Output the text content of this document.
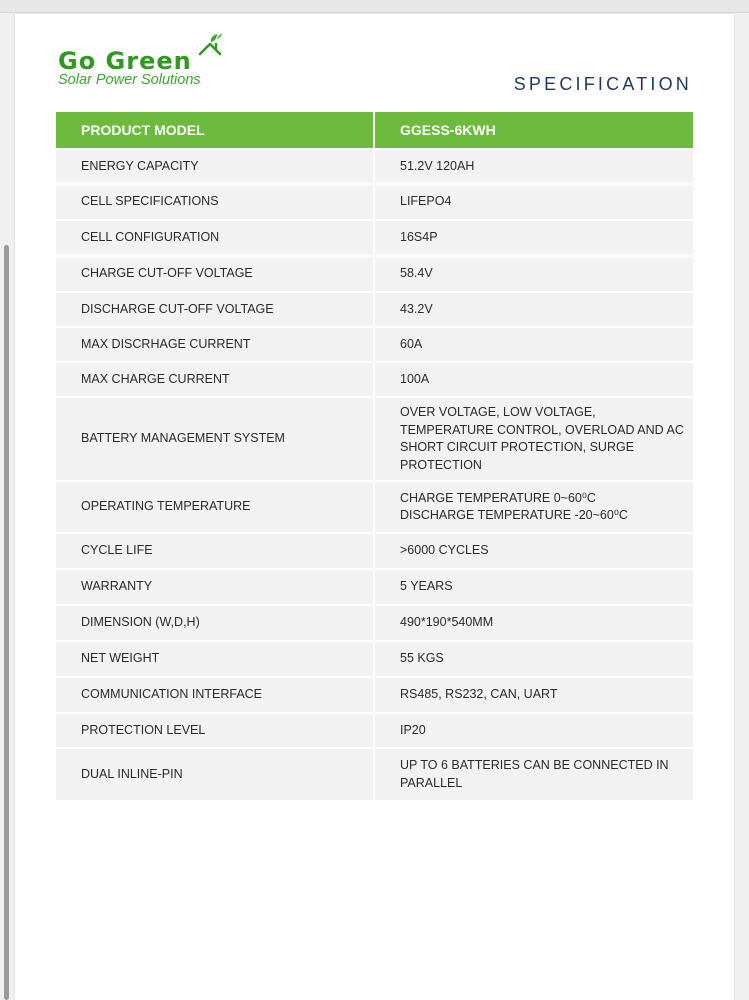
Go Green
Solar Power Solutions	SPECIFICATION
PRODUCT MODEL	GGESS-6KWH
ENERGY CAPACITY	51.2V 120AH
CELL SPECIFICATIONS	LIFEPO4
CELL CONFIGURATION	16S4P
CHARGE CUT-OFF VOLTAGE	58.4V
DISCHARGE CUT-OFF VOLTAGE	43.2V
MAX DISCRHAGE CURRENT	60A
MAX CHARGE CURRENT	100A
BATTERY MANAGEMENT SYSTEM	OVER VOLTAGE, LOW VOLTAGE, TEMPERATURE CONTROL, OVERLOAD AND AC SHORT CIRCUIT PROTECTION, SURGE PROTECTION
OPERATING TEMPERATURE	CHARGE TEMPERATURE 0~60⁰C
DISCHARGE TEMPERATURE -20~60⁰C
CYCLE LIFE	>6000 CYCLES
WARRANTY	5 YEARS
DIMENSION (W,D,H)	490*190*540MM
NET WEIGHT	55 KGS
COMMUNICATION INTERFACE	RS485, RS232, CAN, UART
PROTECTION LEVEL	IP20
DUAL INLINE-PIN	UP TO 6 BATTERIES CAN BE CONNECTED IN PARALLEL
